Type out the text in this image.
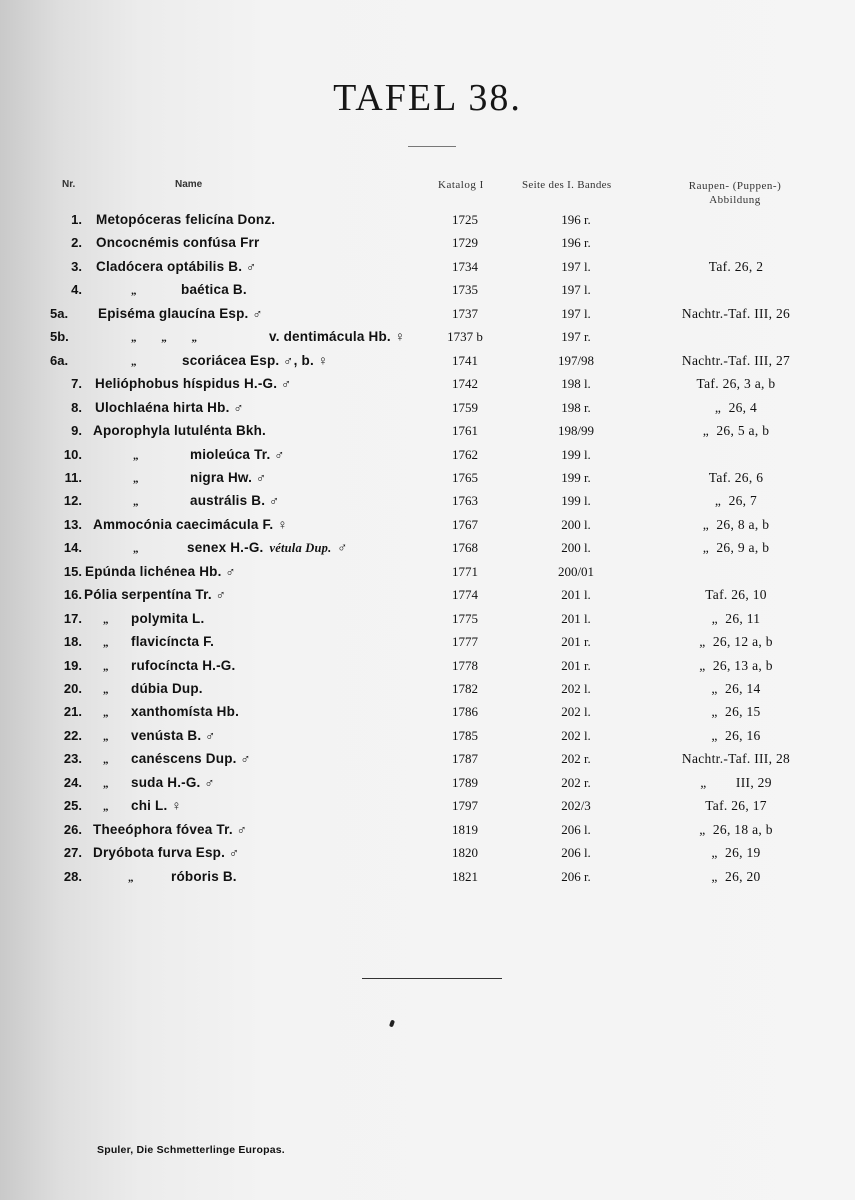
TAFEL 38.
Nr.	Name	Katalog I	Seite des I. Bandes	Raupen- (Puppen-)
Abbildung
1. Metopóceras felicína Donz.	1725	196 r.
2. Oncocnémis confúsa Frr	1729	196 r.
3. Cladócera optábilis B. ♂	1734	197 l.	Taf. 26, 2
4.	„	baética B.	1735	197 l.
5a.	Episéma glaucína Esp. ♂	1737	197 l.	Nachtr.-Taf. III, 26
5b.	„         „         „	v. dentimácula Hb. ♀	1737 b	197 r.
6a.	„	scoriácea Esp. ♂, b. ♀	1741	197/98	Nachtr.-Taf. III, 27
7. Helióphobus híspidus H.-G. ♂	1742	198 l.	Taf. 26, 3 a, b
8. Ulochlaéna hirta Hb. ♂	1759	198 r.	„  26, 4
9. Aporophyla lutulénta Bkh.	1761	198/99	„  26, 5 a, b
10.	„	mioleúca Tr. ♂	1762	199 l.
11.	„	nigra Hw. ♂	1765	199 r.	Taf. 26, 6
12.	„	austrális B. ♂	1763	199 l.	„  26, 7
13. Ammocónia caecimácula F. ♀	1767	200 l.	„  26, 8 a, b
14.	„	senex H.-G. vétula Dup. ♂	1768	200 l.	„  26, 9 a, b
15. Epúnda lichénea Hb. ♂	1771	200/01
16. Pólia serpentína Tr. ♂	1774	201 l.	Taf. 26, 10
17. „ polymita L.	1775	201 l.	„  26, 11
18. „ flavicíncta F.	1777	201 r.	„  26, 12 a, b
19. „ rufocíncta H.-G.	1778	201 r.	„  26, 13 a, b
20. „ dúbia Dup.	1782	202 l.	„  26, 14
21. „ xanthomísta Hb.	1786	202 l.	„  26, 15
22. „ venústa B. ♂	1785	202 l.	„  26, 16
23. „ canéscens Dup. ♂	1787	202 r.	Nachtr.-Taf. III, 28
24. „ suda H.-G. ♂	1789	202 r.	„        III, 29
25. „ chi L. ♀	1797	202/3	Taf. 26, 17
26. Theeóphora fóvea Tr. ♂	1819	206 l.	„  26, 18 a, b
27. Dryóbota furva Esp. ♂	1820	206 l.	„  26, 19
28.	„	róboris B.	1821	206 r.	„  26, 20
Spuler, Die Schmetterlinge Europas.
